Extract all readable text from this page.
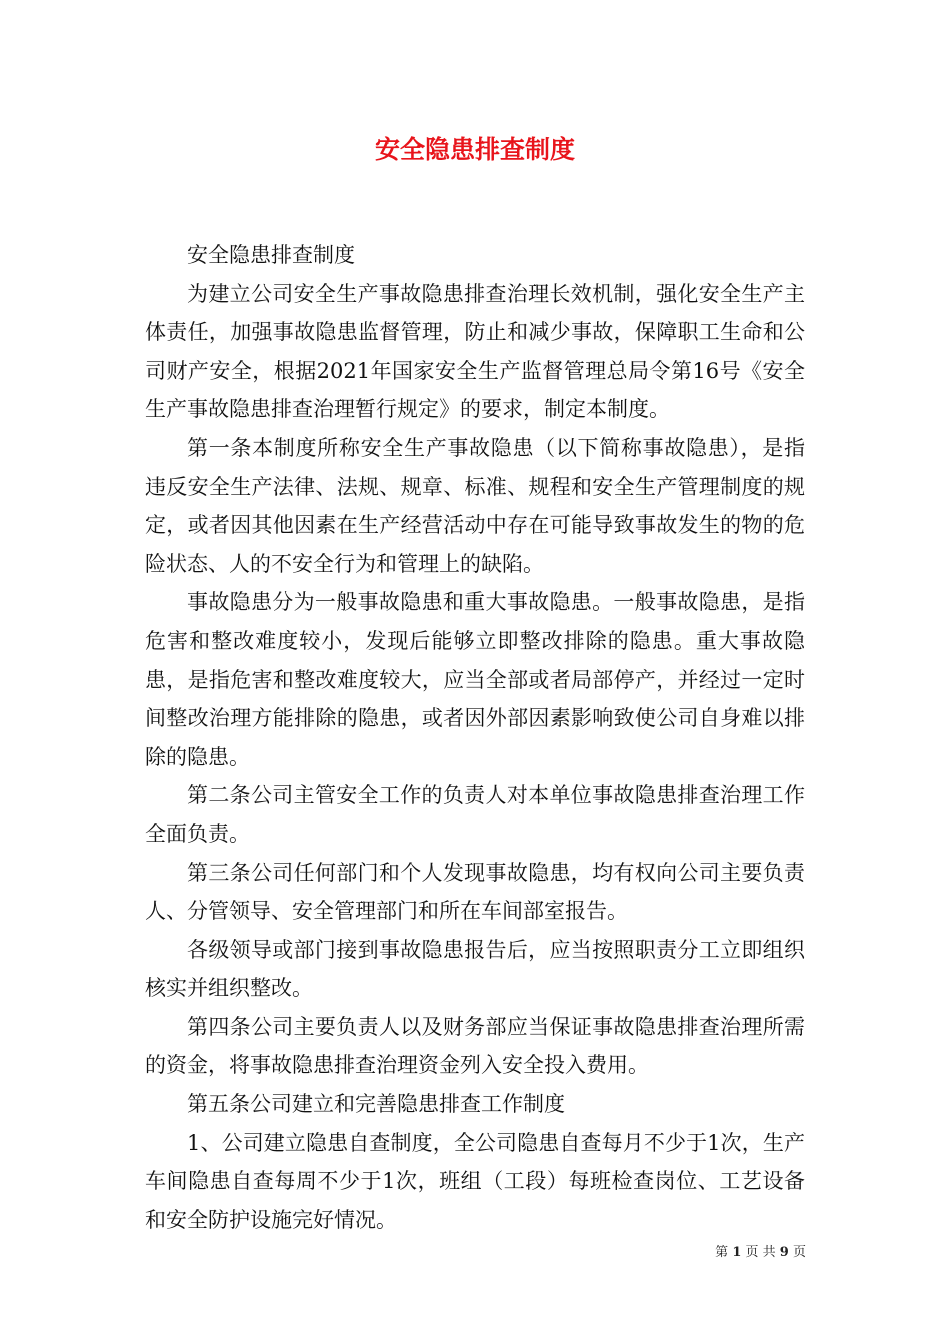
安全隐患排查制度

安全隐患排查制度

为建立公司安全生产事故隐患排查治理长效机制，强化安全生产主体责任，加强事故隐患监督管理，防止和减少事故，保障职工生命和公司财产安全，根据2021年国家安全生产监督管理总局令第16号《安全生产事故隐患排查治理暂行规定》的要求，制定本制度。

第一条本制度所称安全生产事故隐患（以下简称事故隐患），是指违反安全生产法律、法规、规章、标准、规程和安全生产管理制度的规定，或者因其他因素在生产经营活动中存在可能导致事故发生的物的危险状态、人的不安全行为和管理上的缺陷。

事故隐患分为一般事故隐患和重大事故隐患。一般事故隐患，是指危害和整改难度较小，发现后能够立即整改排除的隐患。重大事故隐患，是指危害和整改难度较大，应当全部或者局部停产，并经过一定时间整改治理方能排除的隐患，或者因外部因素影响致使公司自身难以排除的隐患。

第二条公司主管安全工作的负责人对本单位事故隐患排查治理工作全面负责。

第三条公司任何部门和个人发现事故隐患，均有权向公司主要负责人、分管领导、安全管理部门和所在车间部室报告。

各级领导或部门接到事故隐患报告后，应当按照职责分工立即组织核实并组织整改。

第四条公司主要负责人以及财务部应当保证事故隐患排查治理所需的资金，将事故隐患排查治理资金列入安全投入费用。

第五条公司建立和完善隐患排查工作制度

1、公司建立隐患自查制度，全公司隐患自查每月不少于1次，生产车间隐患自查每周不少于1次，班组（工段）每班检查岗位、工艺设备和安全防护设施完好情况。

第 1 页 共 9 页
